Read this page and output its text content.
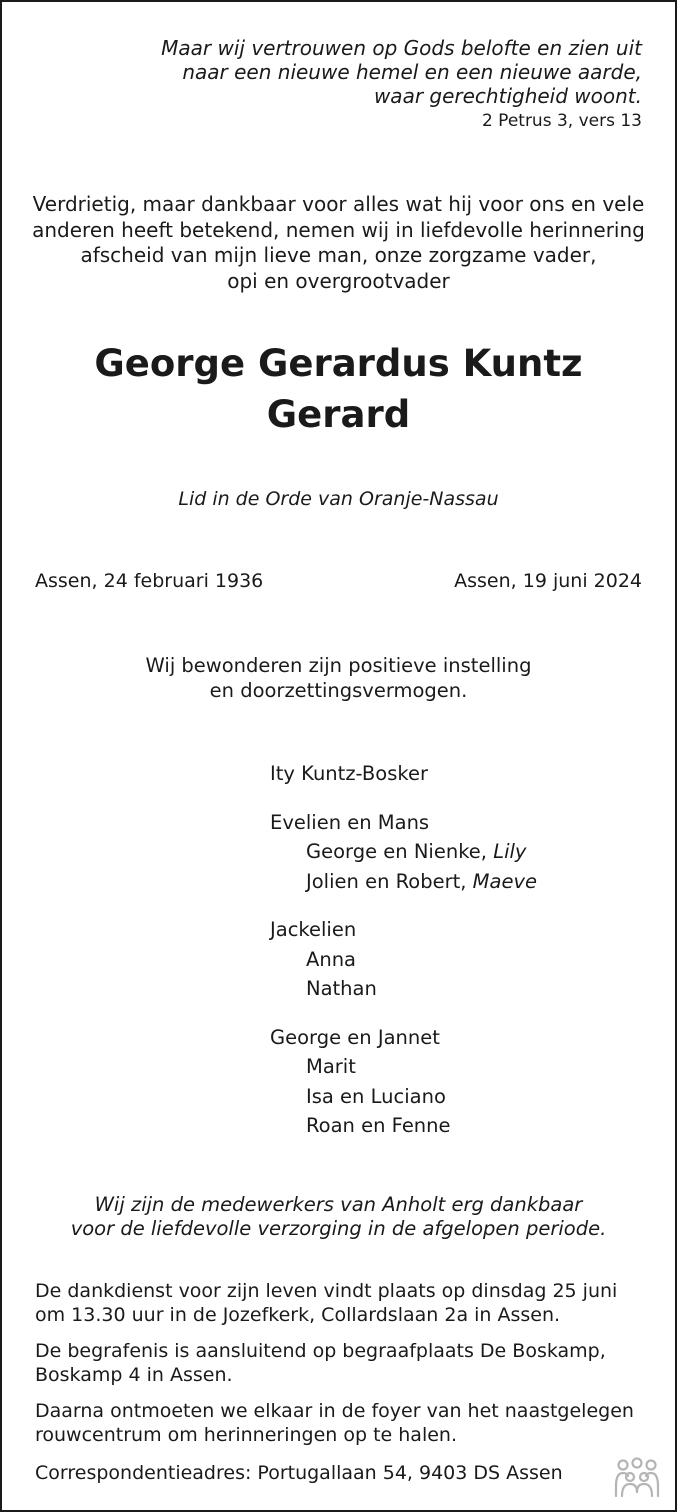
Maar wij vertrouwen op Gods belofte en zien uit
naar een nieuwe hemel en een nieuwe aarde,
waar gerechtigheid woont.
2 Petrus 3, vers 13
Verdrietig, maar dankbaar voor alles wat hij voor ons en vele
anderen heeft betekend, nemen wij in liefdevolle herinnering
afscheid van mijn lieve man, onze zorgzame vader,
opi en overgrootvader
George Gerardus Kuntz
Gerard
Lid in de Orde van Oranje-Nassau
Assen, 24 februari 1936	Assen, 19 juni 2024
Wij bewonderen zijn positieve instelling
en doorzettingsvermogen.
Ity Kuntz-Bosker
Evelien en Mans
George en Nienke, Lily
Jolien en Robert, Maeve
Jackelien
Anna
Nathan
George en Jannet
Marit
Isa en Luciano
Roan en Fenne
Wij zijn de medewerkers van Anholt erg dankbaar
voor de liefdevolle verzorging in de afgelopen periode.

De dankdienst voor zijn leven vindt plaats op dinsdag 25 juni om 13.30 uur in de Jozefkerk, Collardslaan 2a in Assen.

De begrafenis is aansluitend op begraafplaats De Boskamp, Boskamp 4 in Assen.

Daarna ontmoeten we elkaar in de foyer van het naastgelegen rouwcentrum om herinneringen op te halen.

Correspondentieadres: Portugallaan 54, 9403 DS Assen
